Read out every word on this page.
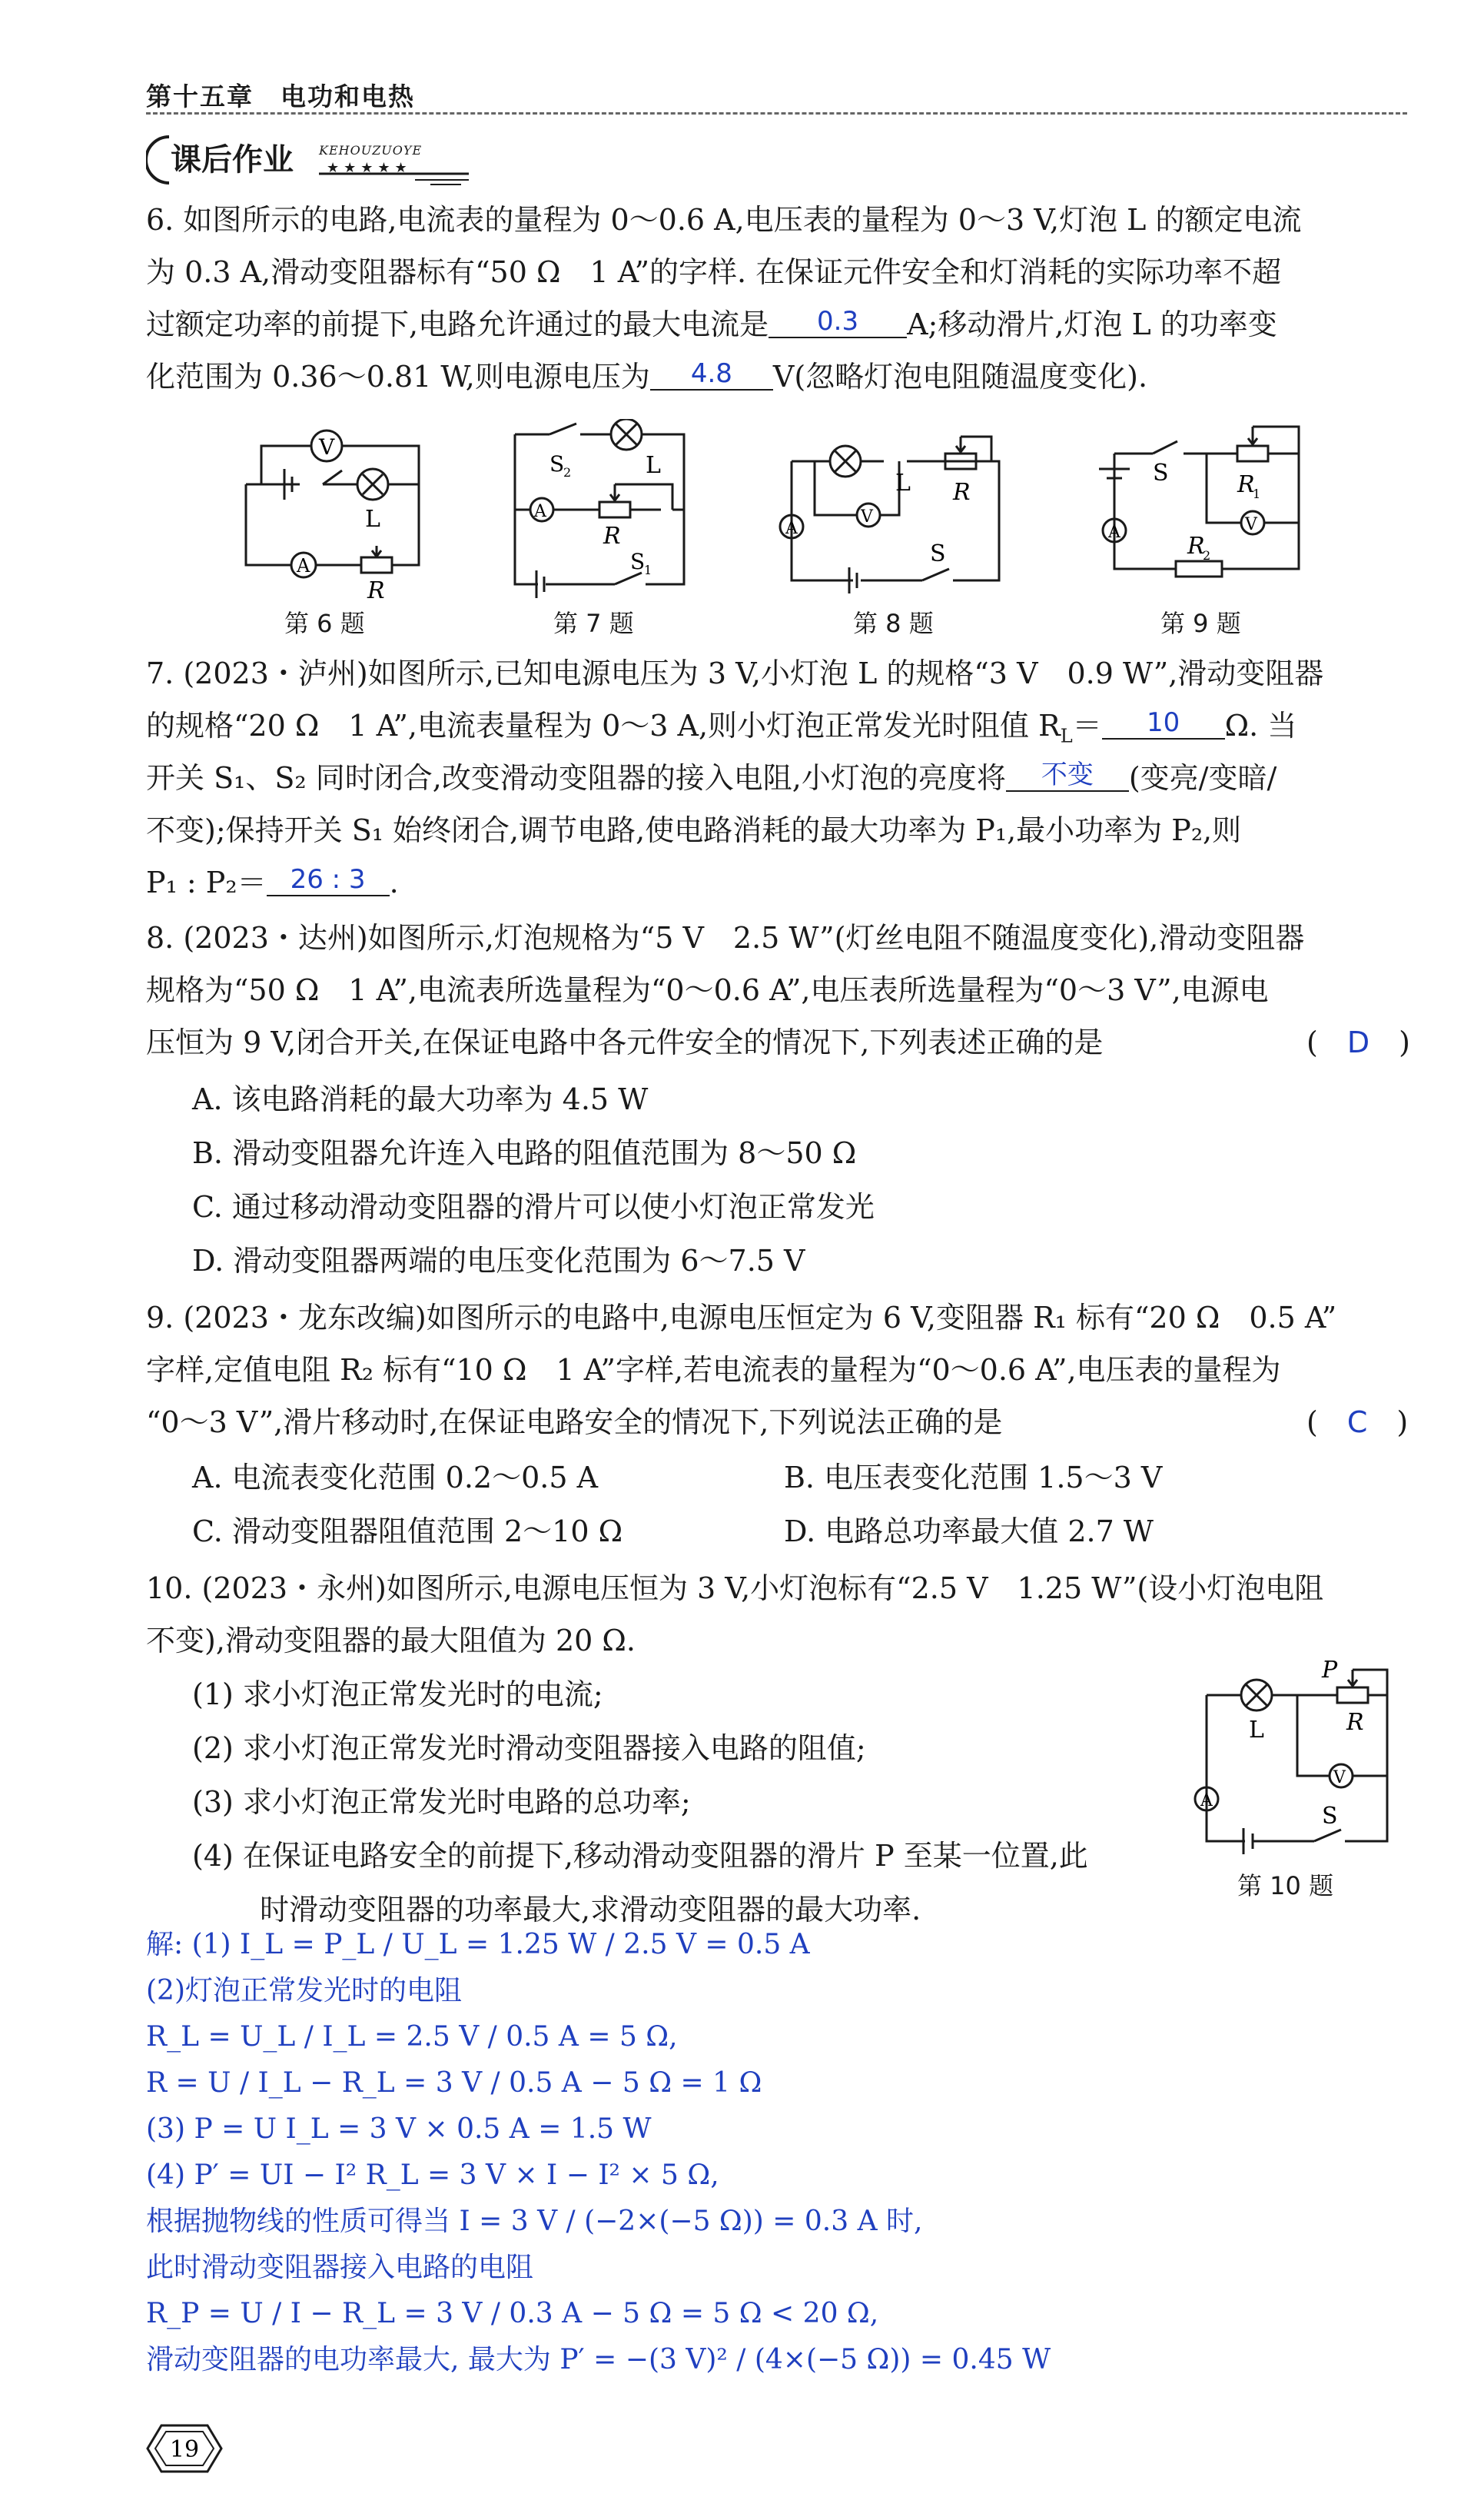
第十五章　电功和电热
课后作业 KEHOUZUOYE
★★★★★
6. 如图所示的电路,电流表的量程为 0～0.6 A,电压表的量程为 0～3 V,灯泡 L 的额定电流
为 0.3 A,滑动变阻器标有“50 Ω　1 A”的字样. 在保证元件安全和灯消耗的实际功率不超
过额定功率的前提下,电路允许通过的最大电流是 0.3 A;移动滑片,灯泡 L 的功率变
化范围为 0.36～0.81 W,则电源电压为 4.8 V(忽略灯泡电阻随温度变化).
V
A
L
R
第 6 题
A
S
2	L
R
S
1
第 7 题
A
V
L R
S
第 8 题
A	V
S	R
1
R
2
第 9 题
7. (2023・泸州)如图所示,已知电源电压为 3 V,小灯泡 L 的规格“3 V　0.9 W”,滑动变阻器
的规格“20 Ω　1 A”,电流表量程为 0～3 A,则小灯泡正常发光时阻值 $R_L= 10$ Ω. 当
开关 S₁、S₂ 同时闭合,改变滑动变阻器的接入电阻,小灯泡的亮度将 不变 (变亮/变暗/
不变);保持开关 S₁ 始终闭合,调节电路,使电路消耗的最大功率为 P₁,最小功率为 P₂,则
P₁ : P₂＝ 26 : 3 .
8. (2023・达州)如图所示,灯泡规格为“5 V　2.5 W”(灯丝电阻不随温度变化),滑动变阻器
规格为“50 Ω　1 A”,电流表所选量程为“0～0.6 A”,电压表所选量程为“0～3 V”,电源电
压恒为 9 V,闭合开关,在保证电路中各元件安全的情况下,下列表述正确的是	(　 D　 )
A. 该电路消耗的最大功率为 4.5 W
B. 滑动变阻器允许连入电路的阻值范围为 8～50 Ω
C. 通过移动滑动变阻器的滑片可以使小灯泡正常发光
D. 滑动变阻器两端的电压变化范围为 6～7.5 V
9. (2023・龙东改编)如图所示的电路中,电源电压恒定为 6 V,变阻器 R₁ 标有“20 Ω　0.5 A”
字样,定值电阻 R₂ 标有“10 Ω　1 A”字样,若电流表的量程为“0～0.6 A”,电压表的量程为
“0～3 V”,滑片移动时,在保证电路安全的情况下,下列说法正确的是	(　 C　 )
A. 电流表变化范围 0.2～0.5 A	B. 电压表变化范围 1.5～3 V
C. 滑动变阻器阻值范围 2～10 Ω	D. 电路总功率最大值 2.7 W
10. (2023・永州)如图所示,电源电压恒为 3 V,小灯泡标有“2.5 V　1.25 W”(设小灯泡电阻
不变),滑动变阻器的最大阻值为 20 Ω.
(1) 求小灯泡正常发光时的电流;
(2) 求小灯泡正常发光时滑动变阻器接入电路的阻值;
(3) 求小灯泡正常发光时电路的总功率;
(4) 在保证电路安全的前提下,移动滑动变阻器的滑片 P 至某一位置,此
时滑动变阻器的功率最大,求滑动变阻器的最大功率.
A
V
L
P
R
S
第 10 题
解: (1) I_L = P_L / U_L = 1.25 W / 2.5 V = 0.5 A
(2)灯泡正常发光时的电阻
R_L = U_L / I_L = 2.5 V / 0.5 A = 5 Ω,
R = U / I_L − R_L = 3 V / 0.5 A − 5 Ω = 1 Ω
(3) P = U I_L = 3 V × 0.5 A = 1.5 W
(4) P′ = UI − I² R_L = 3 V × I − I² × 5 Ω,
根据抛物线的性质可得当 I = 3 V / (−2×(−5 Ω)) = 0.3 A 时,
此时滑动变阻器接入电路的电阻
R_P = U / I − R_L = 3 V / 0.3 A − 5 Ω = 5 Ω < 20 Ω,
滑动变阻器的电功率最大, 最大为 P′ = −(3 V)² / (4×(−5 Ω)) = 0.45 W
19
